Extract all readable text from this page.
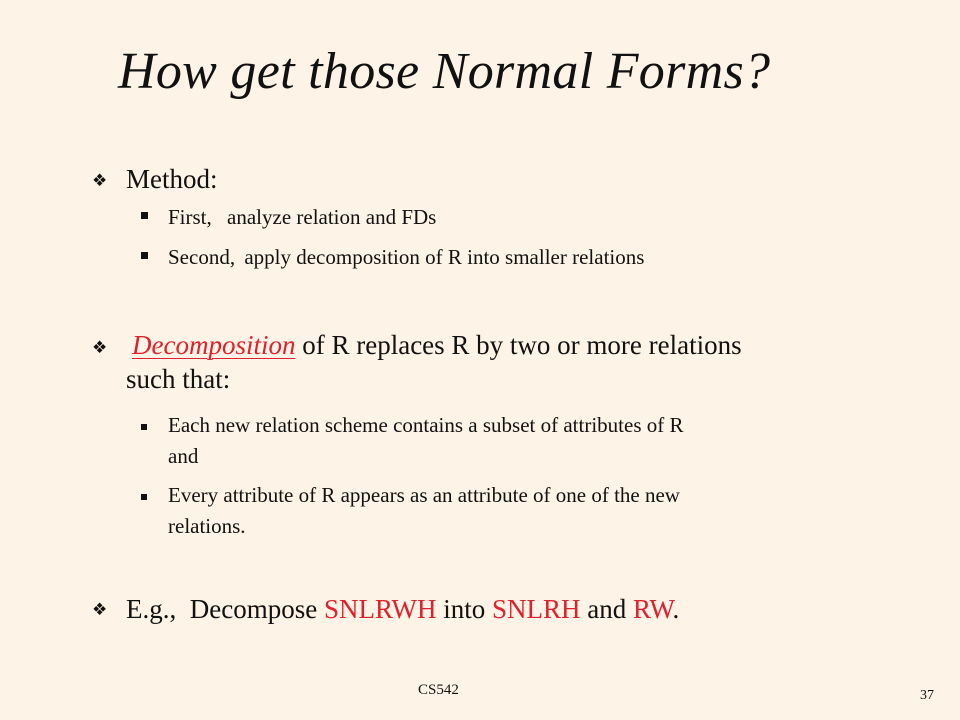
How get those Normal Forms?
❖ Method:
First, analyze relation and FDs
Second, apply decomposition of R into smaller relations
❖ Decomposition of R replaces R by two or more relations
such that:
Each new relation scheme contains a subset of attributes of R
and
Every attribute of R appears as an attribute of one of the new
relations.
❖ E.g.,  Decompose SNLRWH into SNLRH and RW.
CS542	37
